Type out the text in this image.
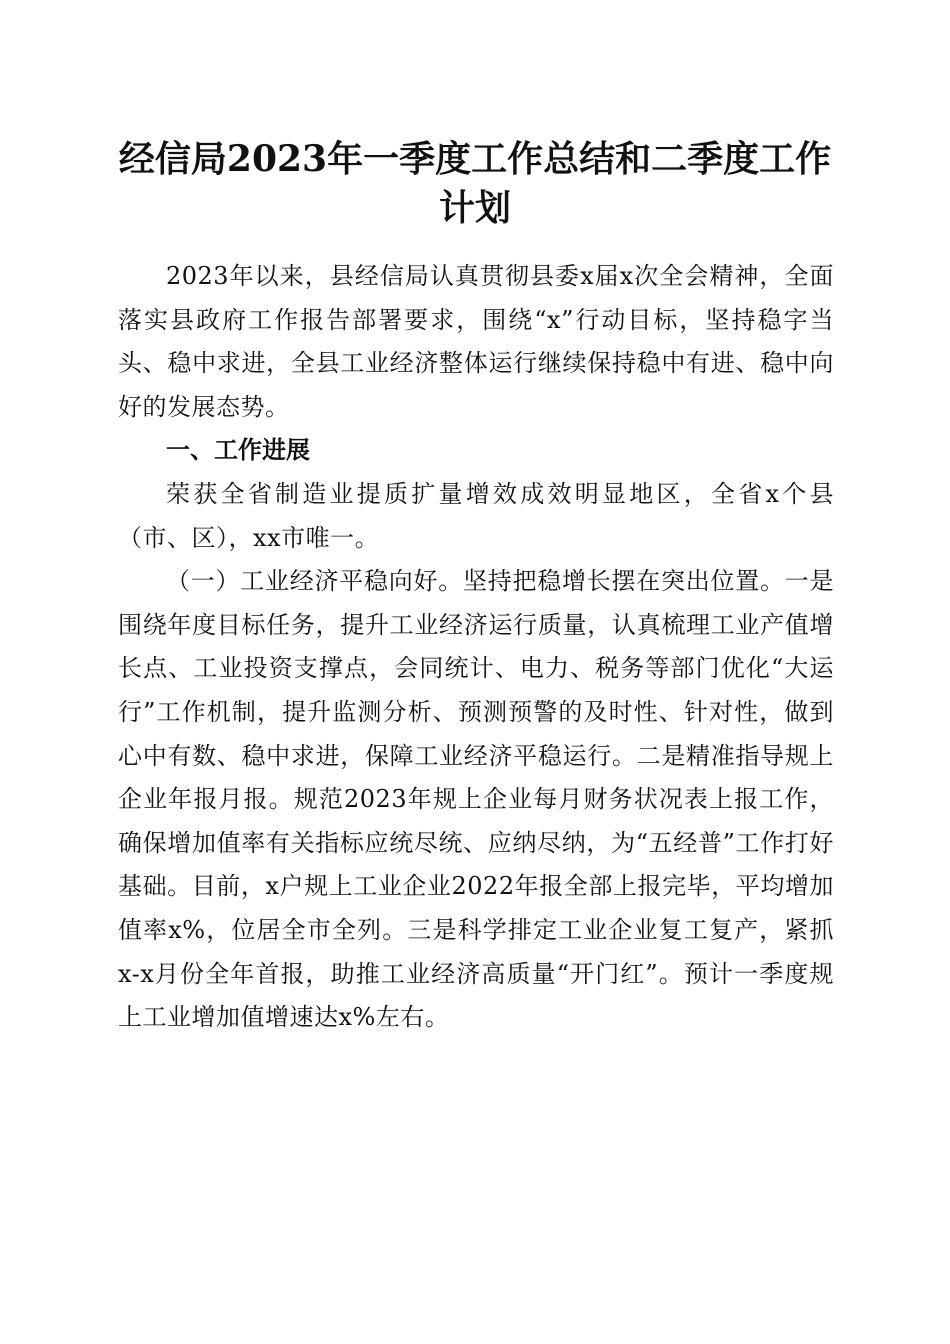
经信局2023年一季度工作总结和二季度工作
计划

2023年以来，县经信局认真贯彻县委x届x次全会精神，全面落实县政府工作报告部署要求，围绕“x”行动目标，坚持稳字当头、稳中求进，全县工业经济整体运行继续保持稳中有进、稳中向好的发展态势。

一、工作进展

荣获全省制造业提质扩量增效成效明显地区，全省x个县（市、区），xx市唯一。

（一）工业经济平稳向好。坚持把稳增长摆在突出位置。一是围绕年度目标任务，提升工业经济运行质量，认真梳理工业产值增长点、工业投资支撑点，会同统计、电力、税务等部门优化“大运行”工作机制，提升监测分析、预测预警的及时性、针对性，做到心中有数、稳中求进，保障工业经济平稳运行。二是精准指导规上企业年报月报。规范2023年规上企业每月财务状况表上报工作，确保增加值率有关指标应统尽统、应纳尽纳，为“五经普”工作打好基础。目前，x户规上工业企业2022年报全部上报完毕，平均增加值率x%，位居全市全列。三是科学排定工业企业复工复产，紧抓x-x月份全年首报，助推工业经济高质量“开门红”。预计一季度规上工业增加值增速达x%左右。
